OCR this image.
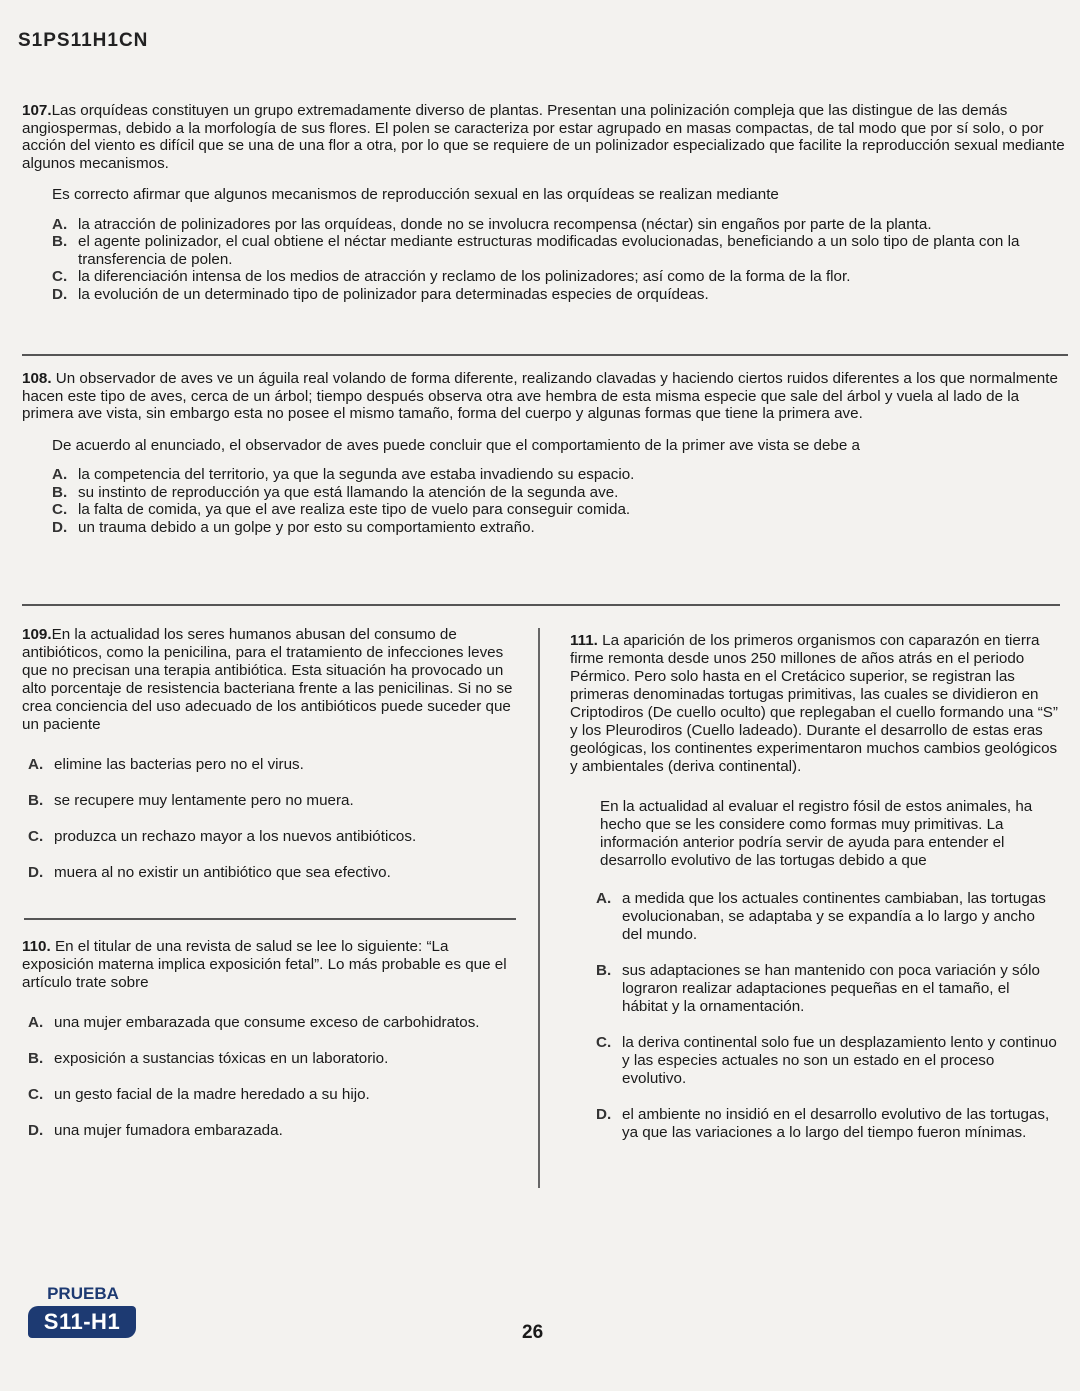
S1PS11H1CN

107.Las orquídeas constituyen un grupo extremadamente diverso de plantas. Presentan una polinización compleja que las distingue de las demás angiospermas, debido a la morfología de sus flores. El polen se caracteriza por estar agrupado en masas compactas, de tal modo que por sí solo, o por acción del viento es difícil que se una de una flor a otra, por lo que se requiere de un polinizador especializado que facilite la reproducción sexual mediante algunos mecanismos.

Es correcto afirmar que algunos mecanismos de reproducción sexual en las orquídeas se realizan mediante

A. la atracción de polinizadores por las orquídeas, donde no se involucra recompensa (néctar) sin engaños por parte de la planta.
B. el agente polinizador, el cual obtiene el néctar mediante estructuras modificadas evolucionadas, beneficiando a un solo tipo de planta con la transferencia de polen.
C. la diferenciación intensa de los medios de atracción y reclamo de los polinizadores; así como de la forma de la flor.
D. la evolución de un determinado tipo de polinizador para determinadas especies de orquídeas.

108. Un observador de aves ve un águila real volando de forma diferente, realizando clavadas y haciendo ciertos ruidos diferentes a los que normalmente hacen este tipo de aves, cerca de un árbol; tiempo después observa otra ave hembra de esta misma especie que sale del árbol y vuela al lado de la primera ave vista, sin embargo esta no posee el mismo tamaño, forma del cuerpo y algunas formas que tiene la primera ave.

De acuerdo al enunciado, el observador de aves puede concluir que el comportamiento de la primer ave vista se debe a

A. la competencia del territorio, ya que la segunda ave estaba invadiendo su espacio.
B. su instinto de reproducción ya que está llamando la atención de la segunda ave.
C. la falta de comida, ya que el ave realiza este tipo de vuelo para conseguir comida.
D. un trauma debido a un golpe y por esto su comportamiento extraño.

109.En la actualidad los seres humanos abusan del consumo de antibióticos, como la penicilina, para el tratamiento de infecciones leves que no precisan una terapia antibiótica. Esta situación ha provocado un alto porcentaje de resistencia bacteriana frente a las penicilinas. Si no se crea conciencia del uso adecuado de los antibióticos puede suceder que un paciente

A. elimine las bacterias pero no el virus.
B. se recupere muy lentamente pero no muera.
C. produzca un rechazo mayor a los nuevos antibióticos.
D. muera al no existir un antibiótico que sea efectivo.

110. En el titular de una revista de salud se lee lo siguiente: “La exposición materna implica exposición fetal”. Lo más probable es que el artículo trate sobre

A. una mujer embarazada que consume exceso de carbohidratos.
B. exposición a sustancias tóxicas en un laboratorio.
C. un gesto facial de la madre heredado a su hijo.
D. una mujer fumadora embarazada.

111. La aparición de los primeros organismos con caparazón en tierra firme remonta desde unos 250 millones de años atrás en el periodo Pérmico. Pero solo hasta en el Cretácico superior, se registran las primeras denominadas tortugas primitivas, las cuales se dividieron en Criptodiros (De cuello oculto) que replegaban el cuello formando una “S” y los Pleurodiros (Cuello ladeado). Durante el desarrollo de estas eras geológicas, los continentes experimentaron muchos cambios geológicos y ambientales (deriva continental).

En la actualidad al evaluar el registro fósil de estos animales, ha hecho que se les considere como formas muy primitivas. La información anterior podría servir de ayuda para entender el desarrollo evolutivo de las tortugas debido a que

A. a medida que los actuales continentes cambiaban, las tortugas evolucionaban, se adaptaba y se expandía a lo largo y ancho del mundo.
B. sus adaptaciones se han mantenido con poca variación y sólo lograron realizar adaptaciones pequeñas en el tamaño, el hábitat y la ornamentación.
C. la deriva continental solo fue un desplazamiento lento y continuo y las especies actuales no son un estado en el proceso evolutivo.
D. el ambiente no insidió en el desarrollo evolutivo de las tortugas, ya que las variaciones a lo largo del tiempo fueron mínimas.
PRUEBA
S11-H1	26
